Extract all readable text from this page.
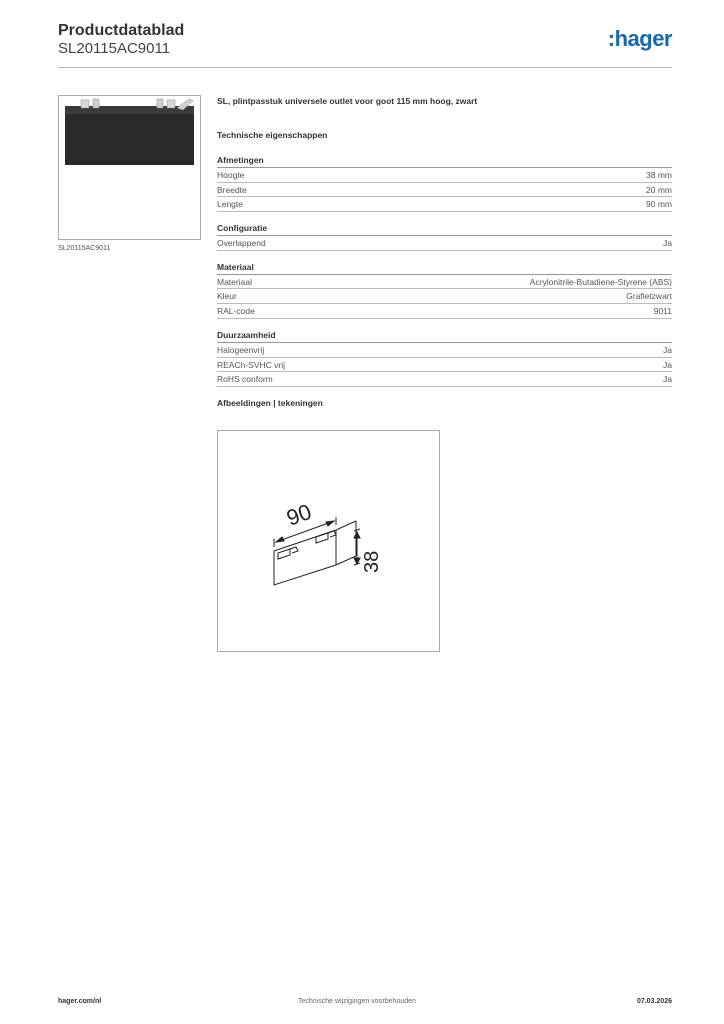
Productdatablad
SL20115AC9011	:hager
SL20115AC9011
SL, plintpasstuk universele outlet voor goot 115 mm hoog, zwart
Technische eigenschappen
Afmetingen
Hoogte	38 mm
Breedte	20 mm
Lengte	90 mm
Configuratie
Overlappend	Ja
Materiaal
Materiaal	Acrylonitrile-Butadiene-Styrene (ABS)
Kleur	Grafietzwart
RAL-code	9011
Duurzaamheid
Halogeenvrij	Ja
REACh-SVHC vrij	Ja
RoHS conform	Ja
Afbeeldingen | tekeningen
90
38
hager.com/nl	Technische wijzigingen voorbehouden	07.03.2026
